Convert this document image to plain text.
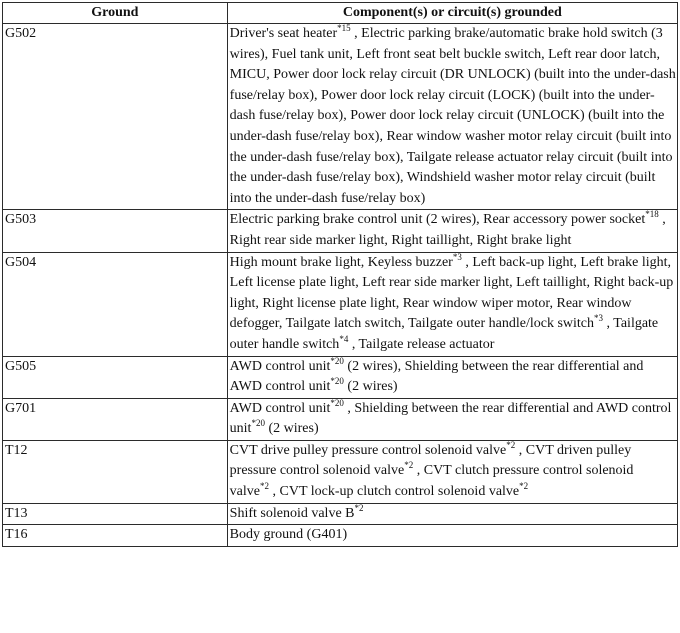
Ground	Component(s) or circuit(s) grounded
G502	Driver's seat heater$^{*15}$ , Electric parking brake/automatic brake hold switch (3 wires), Fuel tank unit, Left front seat belt buckle switch, Left rear door latch, MICU, Power door lock relay circuit (DR UNLOCK) (built into the under-dash fuse/relay box), Power door lock relay circuit (LOCK) (built into the under-dash fuse/relay box), Power door lock relay circuit (UNLOCK) (built into the under-dash fuse/relay box), Rear window washer motor relay circuit (built into the under-dash fuse/relay box), Tailgate release actuator relay circuit (built into the under-dash fuse/relay box), Windshield washer motor relay circuit (built into the under-dash fuse/relay box)
G503	Electric parking brake control unit (2 wires), Rear accessory power socket$^{*18}$ , Right rear side marker light, Right taillight, Right brake light
G504	High mount brake light, Keyless buzzer$^{*3}$ , Left back-up light, Left brake light, Left license plate light, Left rear side marker light, Left taillight, Right back-up light, Right license plate light, Rear window wiper motor, Rear window defogger, Tailgate latch switch, Tailgate outer handle/lock switch$^{*3}$ , Tailgate outer handle switch$^{*4}$ , Tailgate release actuator
G505	AWD control unit$^{*20}$ (2 wires), Shielding between the rear differential and AWD control unit$^{*20}$ (2 wires)
G701	AWD control unit$^{*20}$ , Shielding between the rear differential and AWD control unit$^{*20}$ (2 wires)
T12	CVT drive pulley pressure control solenoid valve$^{*2}$ , CVT driven pulley pressure control solenoid valve$^{*2}$ , CVT clutch pressure control solenoid valve$^{*2}$ , CVT lock-up clutch control solenoid valve$^{*2}$
T13	Shift solenoid valve $B^{*2}$
T16	Body ground (G401)
